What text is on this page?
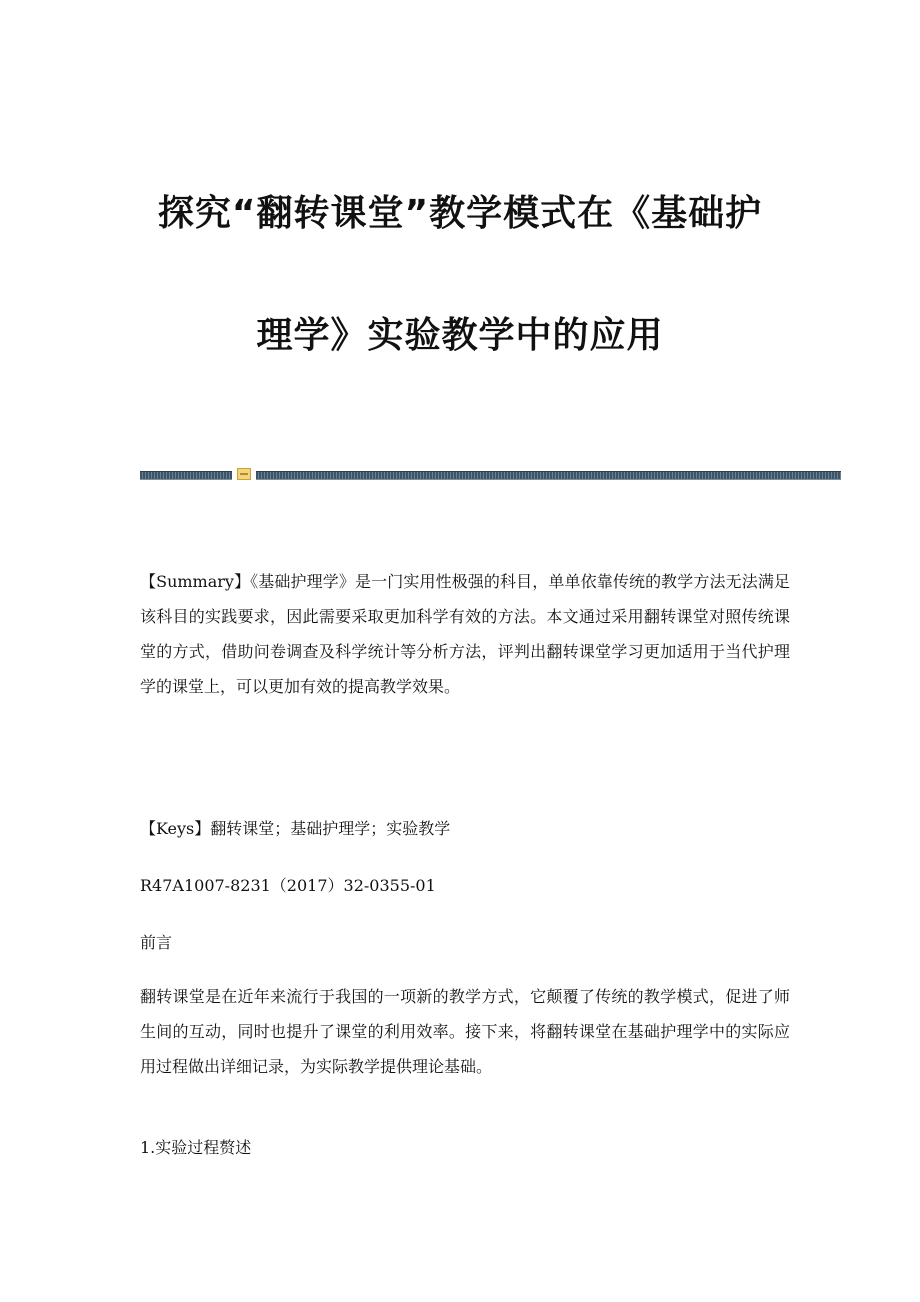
探究“翻转课堂”教学模式在《基础护
理学》实验教学中的应用

【Summary】《基础护理学》是一门实用性极强的科目，单单依靠传统的教学方法无法满足该科目的实践要求，因此需要采取更加科学有效的方法。本文通过采用翻转课堂对照传统课堂的方式，借助问卷调查及科学统计等分析方法，评判出翻转课堂学习更加适用于当代护理学的课堂上，可以更加有效的提高教学效果。

【Keys】翻转课堂；基础护理学；实验教学

R47A1007-8231（2017）32-0355-01

前言

翻转课堂是在近年来流行于我国的一项新的教学方式，它颠覆了传统的教学模式，促进了师生间的互动，同时也提升了课堂的利用效率。接下来，将翻转课堂在基础护理学中的实际应用过程做出详细记录，为实际教学提供理论基础。

1.实验过程赘述
